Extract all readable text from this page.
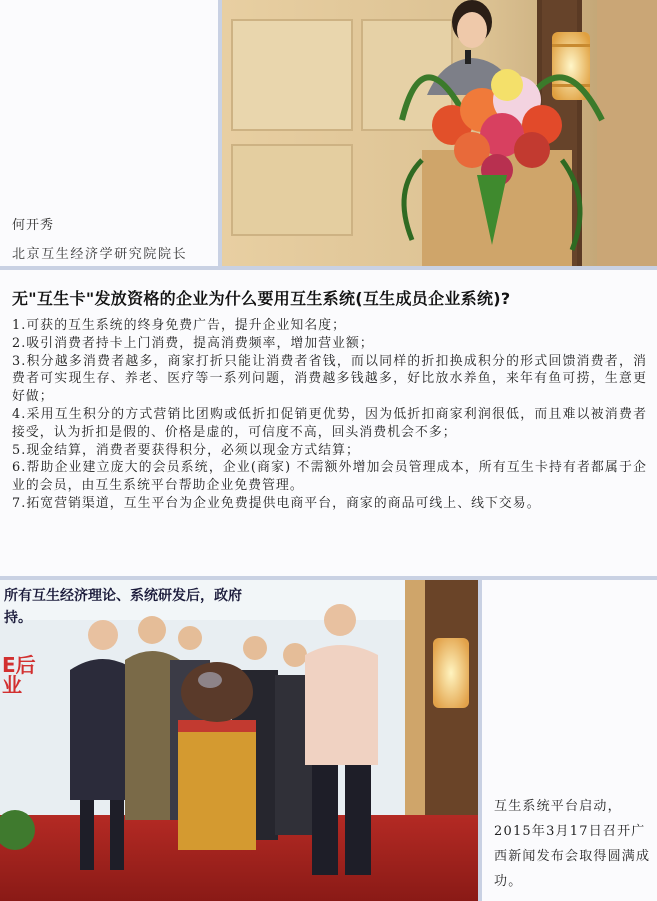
何开秀
北京互生经济学研究院院长
无"互生卡"发放资格的企业为什么要用互生系统(互生成员企业系统)?
1.可获的互生系统的终身免费广告，提升企业知名度；
2.吸引消费者持卡上门消费，提高消费频率，增加营业额；
3.积分越多消费者越多，商家打折只能让消费者省钱，而以同样的折扣换成积分的形式回馈消费者，消费者可实现生存、养老、医疗等一系列问题，消费越多钱越多，好比放水养鱼，来年有鱼可捞，生意更好做；
4.采用互生积分的方式营销比团购或低折扣促销更优势，因为低折扣商家利润很低，而且难以被消费者接受，认为折扣是假的、价格是虚的，可信度不高，回头消费机会不多；
5.现金结算，消费者要获得积分，必须以现金方式结算；
6.帮助企业建立庞大的会员系统，企业(商家) 不需额外增加会员管理成本，所有互生卡持有者都属于企业的会员，由互生系统平台帮助企业免费管理。
7.拓宽营销渠道，互生平台为企业免费提供电商平台，商家的商品可线上、线下交易。
所有互生经济理论、系统研发后，政府
持。
E后
业
互生系统平台启动，2015年3月17日召开广西新闻发布会取得圆满成功。
